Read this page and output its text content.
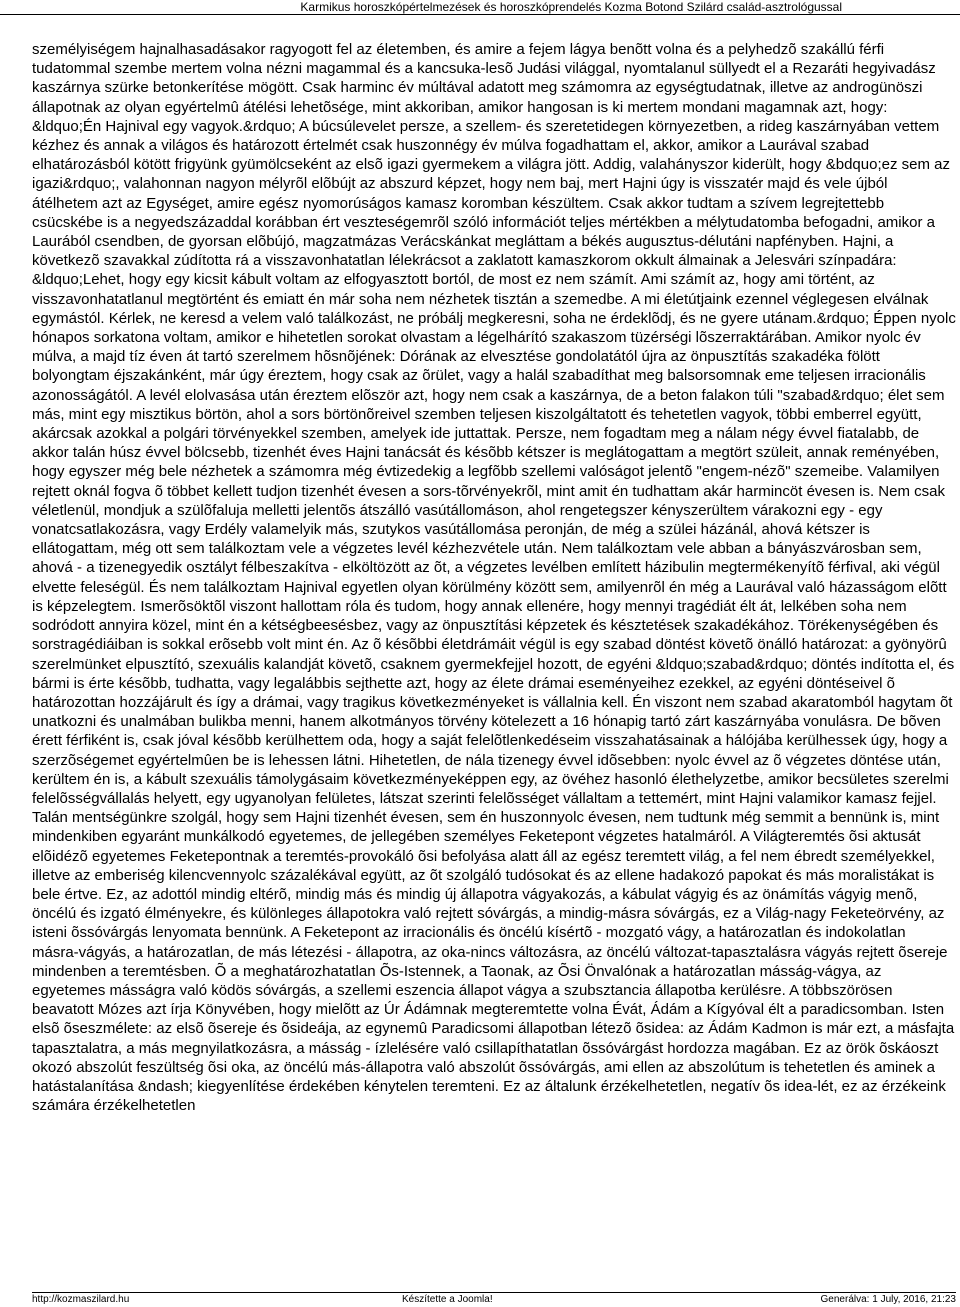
Karmikus horoszkópértelmezések és horoszkóprendelés Kozma Botond Szilárd család-asztrológussal

személyiségem hajnalhasadásakor ragyogott fel az életemben, és amire a fejem lágya benõtt volna és a pelyhedzõ szakállú férfi tudatommal szembe mertem volna nézni magammal és a kancsuka-lesõ Judási világgal, nyomtalanul süllyedt el a Rezaráti hegyivadász kaszárnya szürke betonkerítése mögött. Csak harminc év múltával adatott meg számomra az egységtudatnak, illetve az androgünöszi állapotnak az olyan egyértelmû átélési lehetõsége, mint akkoriban, amikor hangosan is ki mertem mondani magamnak azt, hogy: &ldquo;Én Hajnival egy vagyok.&rdquo; A búcsúlevelet persze, a szellem- és szeretetidegen környezetben, a rideg kaszárnyában vettem kézhez és annak a világos és határozott értelmét csak huszonnégy év múlva fogadhattam el, akkor, amikor a Laurával szabad elhatározásból kötött frigyünk gyümölcseként az elsõ igazi gyermekem a világra jött. Addig, valahányszor kiderült, hogy &bdquo;ez sem az igazi&rdquo;, valahonnan nagyon mélyrõl elõbújt az abszurd képzet, hogy nem baj, mert Hajni úgy is visszatér majd és vele újból átélhetem azt az Egységet, amire egész nyomorúságos kamasz koromban készültem. Csak akkor tudtam a szívem legrejtettebb csücskébe is a negyedszázaddal korábban ért veszteségemrõl szóló információt teljes mértékben a mélytudatomba befogadni, amikor a Laurából csendben, de gyorsan elõbújó, magzatmázas Verácskánkat megláttam a békés augusztus-délutáni napfényben. Hajni, a következõ szavakkal zúdította rá a visszavonhatatlan lélekrácsot a zaklatott kamaszkorom okkult álmainak a Jelesvári színpadára: &ldquo;Lehet, hogy egy kicsit kábult voltam az elfogyasztott bortól, de most ez nem számít. Ami számít az, hogy ami történt, az visszavonhatatlanul megtörtént és emiatt én már soha nem nézhetek tisztán a szemedbe. A mi életútjaink ezennel véglegesen elválnak egymástól. Kérlek, ne keresd a velem való találkozást, ne próbálj megkeresni, soha ne érdeklõdj, és ne gyere utánam.&rdquo; Éppen nyolc hónapos sorkatona voltam, amikor e hihetetlen sorokat olvastam a légelhárító szakaszom tüzérségi lõszerraktárában. Amikor nyolc év múlva, a majd tíz éven át tartó szerelmem hõsnõjének: Dórának az elvesztése gondolatától újra az önpusztítás szakadéka fölött bolyongtam éjszakánként, már úgy éreztem, hogy csak az õrület, vagy a halál szabadíthat meg balsorsomnak eme teljesen irracionális azonosságától. A levél elolvasása után éreztem elõször azt, hogy nem csak a kaszárnya, de a beton falakon túli "szabad&rdquo; élet sem más, mint egy misztikus börtön, ahol a sors börtönõreivel szemben teljesen kiszolgáltatott és tehetetlen vagyok, többi emberrel együtt, akárcsak azokkal a polgári törvényekkel szemben, amelyek ide juttattak. Persze, nem fogadtam meg a nálam négy évvel fiatalabb, de akkor talán húsz évvel bölcsebb, tizenhét éves Hajni tanácsát és késõbb kétszer is meglátogattam a megtört szüleit, annak reményében, hogy egyszer még bele nézhetek a számomra még évtizedekig a legfõbb szellemi valóságot jelentõ "engem-nézõ" szemeibe. Valamilyen rejtett oknál fogva õ többet kellett tudjon tizenhét évesen a sors-tõrvényekrõl, mint amit én tudhattam akár harmincöt évesen is. Nem csak véletlenül, mondjuk a szülõfaluja melletti jelentõs átszálló vasútállomáson, ahol rengetegszer kényszerültem várakozni egy - egy vonatcsatlakozásra, vagy Erdély valamelyik más, szutykos vasútállomása peronján, de még a szülei házánál, ahová kétszer is ellátogattam, még ott sem találkoztam vele a végzetes levél kézhezvétele után. Nem találkoztam vele abban a bányászvárosban sem, ahová - a tizenegyedik osztályt félbeszakítva - elköltözött az õt, a végzetes levélben említett házibulin megtermékenyítõ férfival, aki végül elvette feleségül. És nem találkoztam Hajnival egyetlen olyan körülmény között sem, amilyenrõl én még a Laurával való házasságom elõtt is képzelegtem. Ismerõsöktõl viszont hallottam róla és tudom, hogy annak ellenére, hogy mennyi tragédiát élt át, lelkében soha nem sodródott annyira közel, mint én a kétségbeesésbez, vagy az önpusztítási képzetek és késztetések szakadékához. Törékenységében és sorstragédiáiban is sokkal erõsebb volt mint én. Az õ késõbbi életdrámáit végül is egy szabad döntést követõ önálló határozat: a gyönyörû szerelmünket elpusztító, szexuális kalandját követõ, csaknem gyermekfejjel hozott, de egyéni &ldquo;szabad&rdquo; döntés indította el, és bármi is érte késõbb, tudhatta, vagy legalábbis sejthette azt, hogy az élete drámai eseményeihez ezekkel, az egyéni döntéseivel õ határozottan hozzájárult és így a drámai, vagy tragikus következményeket is vállalnia kell. Én viszont nem szabad akaratomból hagytam õt unatkozni és unalmában bulikba menni, hanem alkotmányos törvény kötelezett a 16 hónapig tartó zárt kaszárnyába vonulásra. De bõven érett férfiként is, csak jóval késõbb kerülhettem oda, hogy a saját felelõtlenkedéseim visszahatásainak a hálójába kerülhessek úgy, hogy a szerzõségemet egyértelmûen be is lehessen látni. Hihetetlen, de nála tizenegy évvel idõsebben: nyolc évvel az õ végzetes döntése után, kerültem én is, a kábult szexuális támolygásaim következményeképpen egy, az övéhez hasonló élethelyzetbe, amikor becsületes szerelmi felelõsségvállalás helyett, egy ugyanolyan felületes, látszat szerinti felelõsséget vállaltam a tettemért, mint Hajni valamikor kamasz fejjel. Talán mentségünkre szolgál, hogy sem Hajni tizenhét évesen, sem én huszonnyolc évesen, nem tudtunk még semmit a bennünk is, mint mindenkiben egyaránt munkálkodó egyetemes, de jellegében személyes Feketepont végzetes hatalmáról. A Világteremtés õsi aktusát elõidézõ egyetemes Feketepontnak a teremtés-provokáló õsi befolyása alatt áll az egész teremtett világ, a fel nem ébredt személyekkel, illetve az emberiség kilencvennyolc százalékával együtt, az õt szolgáló tudósokat és az ellene hadakozó papokat és más moralistákat is bele értve. Ez, az adottól mindig eltérõ, mindig más és mindig új állapotra vágyakozás, a kábulat vágyig és az önámítás vágyig menõ, öncélú és izgató élményekre, és különleges állapotokra való rejtett sóvárgás, a mindig-másra sóvárgás, ez a Világ-nagy Feketeörvény, az isteni õssóvárgás lenyomata bennünk. A Feketepont az irracionális és öncélú kísértõ - mozgató vágy, a határozatlan és indokolatlan másra-vágyás, a határozatlan, de más létezési - állapotra, az oka-nincs változásra, az öncélú változat-tapasztalásra vágyás rejtett õsereje mindenben a teremtésben. Õ a meghatározhatatlan Õs-Istennek, a Taonak, az Õsi Önvalónak a határozatlan másság-vágya, az egyetemes másságra való ködös sóvárgás, a szellemi eszencia állapot vágya a szubsztancia állapotba kerülésre. A többszörösen beavatott Mózes azt írja Könyvében, hogy mielõtt az Úr Ádámnak megteremtette volna Évát, Ádám a Kígyóval élt a paradicsomban. Isten elsõ õseszmélete: az elsõ õsereje és õsideája, az egynemû Paradicsomi állapotban létezõ õsidea: az Ádám Kadmon is már ezt, a másfajta tapasztalatra, a más megnyilatkozásra, a másság - ízlelésére való csillapíthatatlan õssóvárgást hordozza magában. Ez az örök õskáoszt okozó abszolút feszültség õsi oka, az öncélú más-állapotra való abszolút õssóvárgás, ami ellen az abszolútum is tehetetlen és aminek a hatástalanítása &ndash; kiegyenlítése érdekében kénytelen teremteni. Ez az általunk érzékelhetetlen, negatív õs idea-lét, ez az érzékeink számára érzékelhetetlen

http://kozmaszilard.hu	Készítette a Joomla!	Generálva: 1 July, 2016, 21:23
